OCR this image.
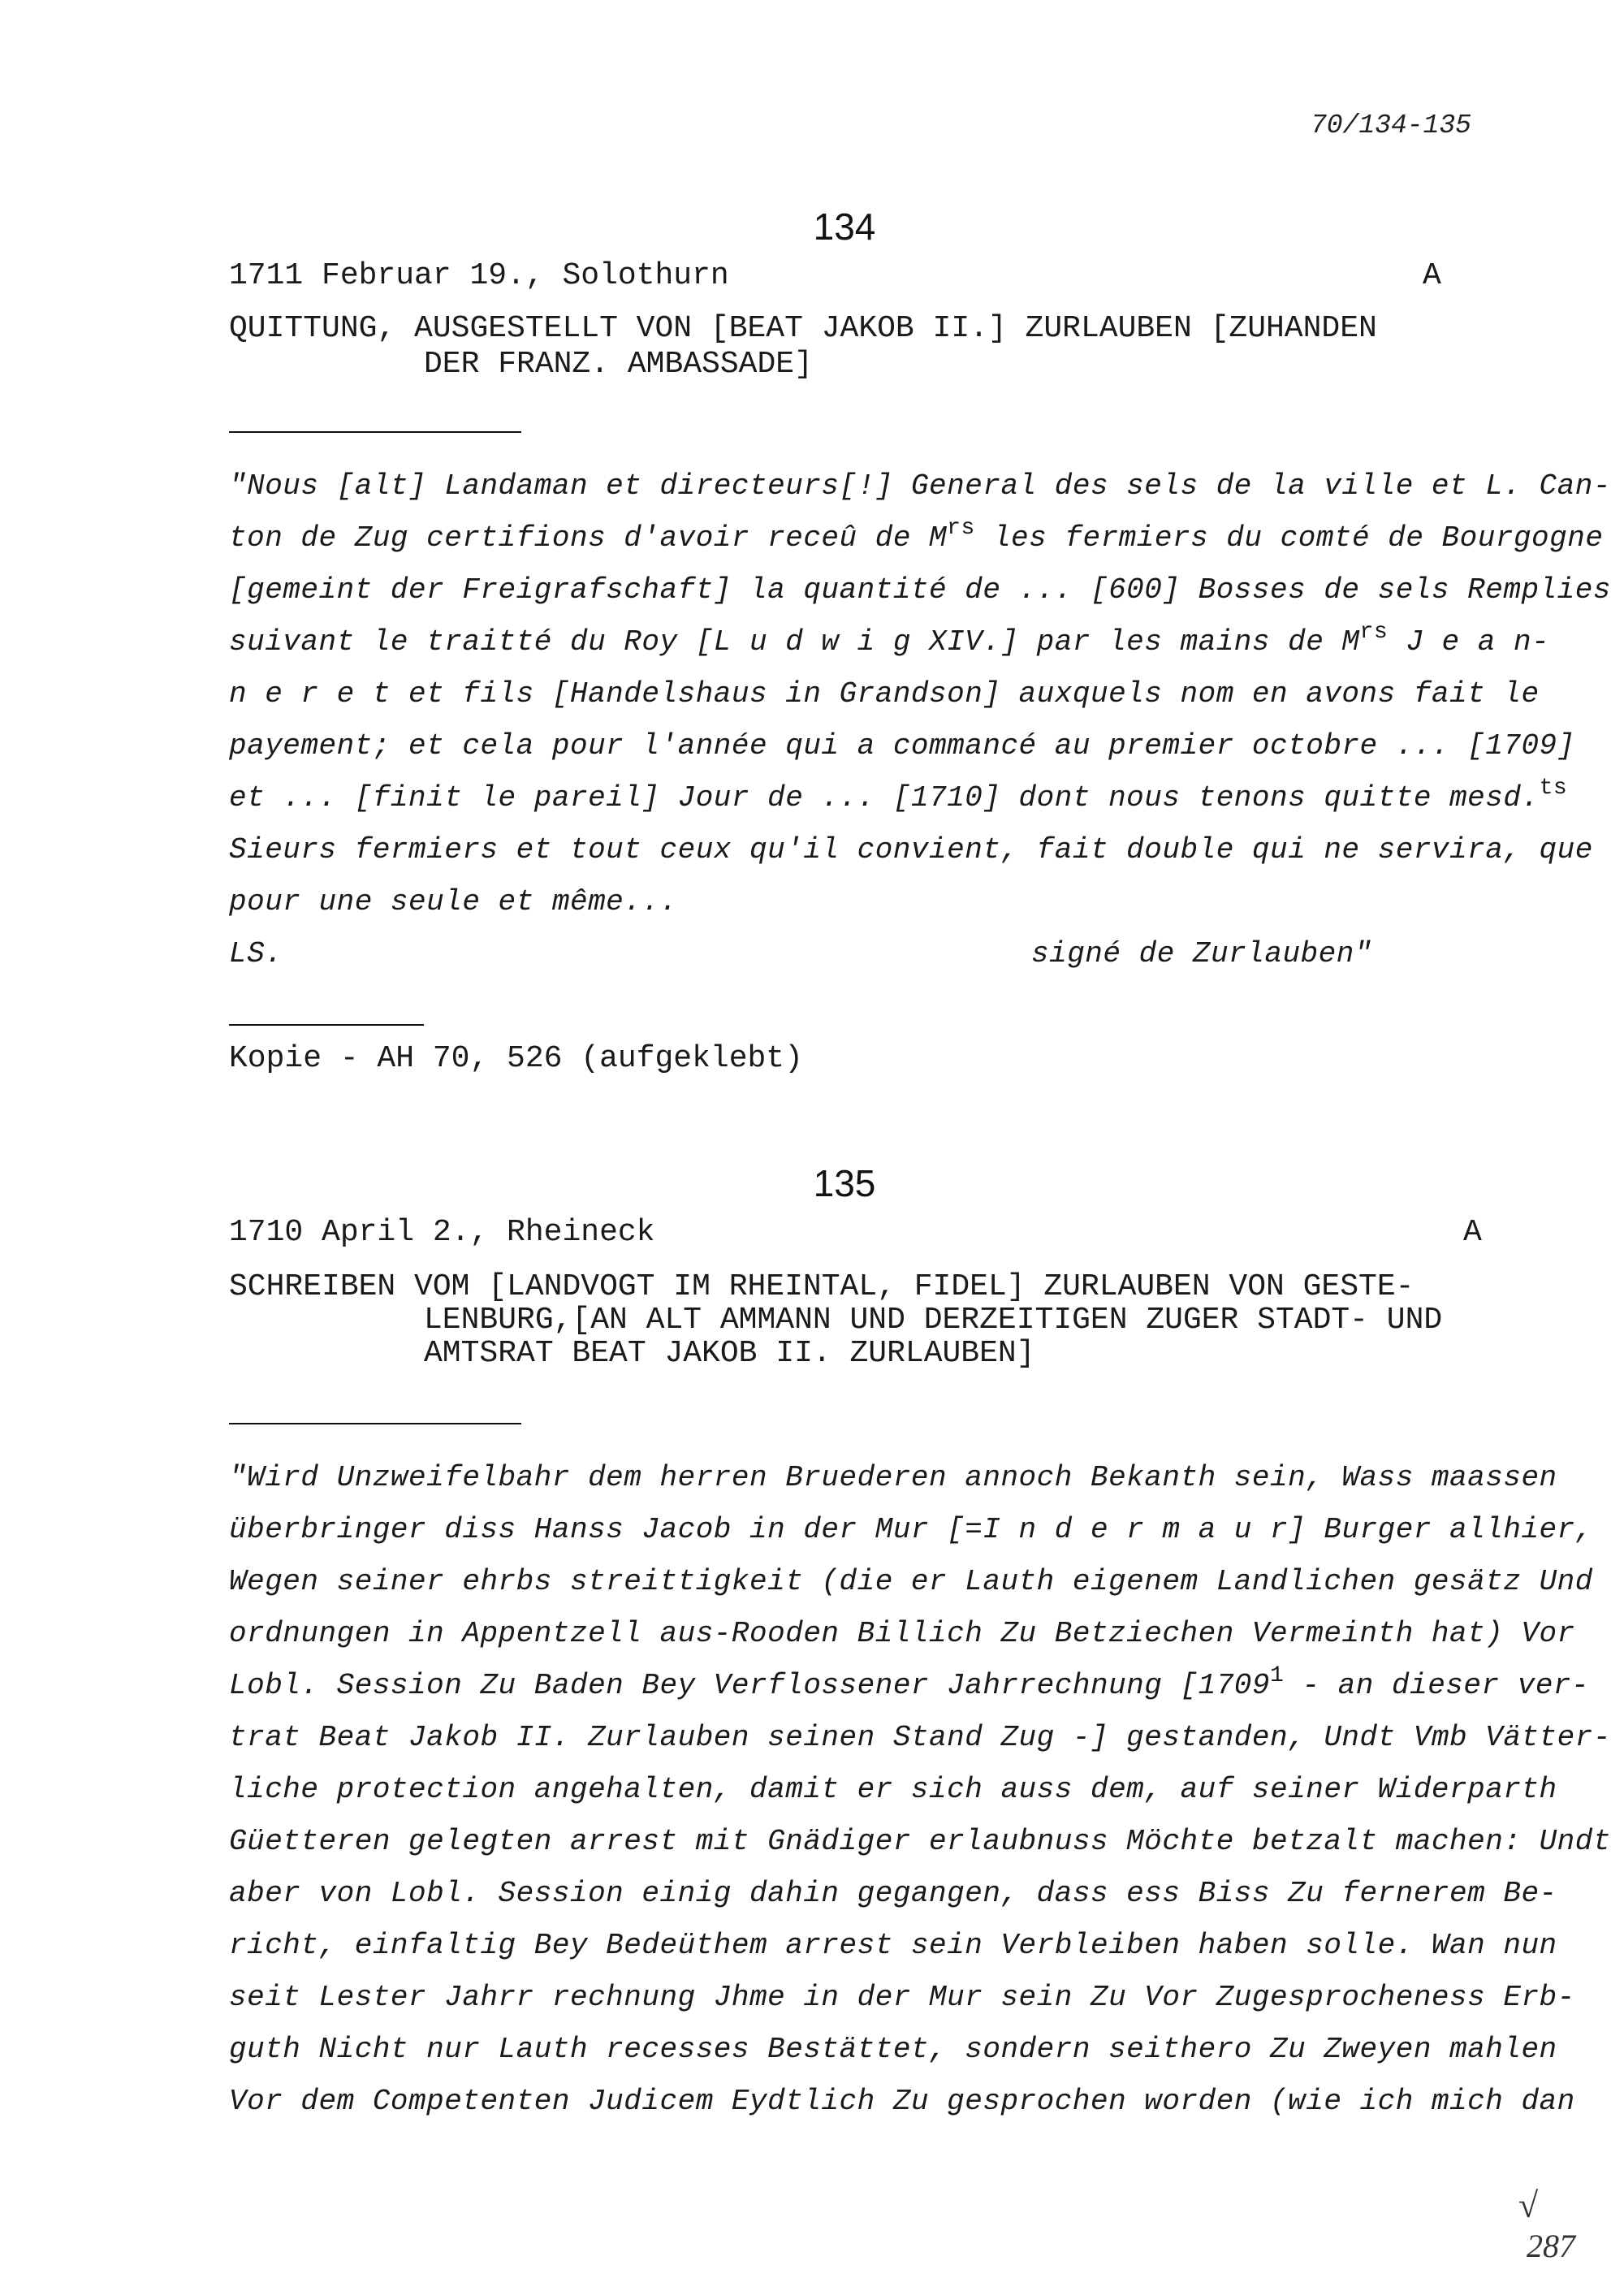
70/134-135
134
1711 Februar 19., Solothurn	A
QUITTUNG, AUSGESTELLT VON [BEAT JAKOB II.] ZURLAUBEN [ZUHANDEN
DER FRANZ. AMBASSADE]
"Nous [alt] Landaman et directeurs[!] General des sels de la ville et L. Can-
ton de Zug certifions d'avoir receû de $M^{rs}$ les fermiers du comté de Bourgogne
[gemeint der Freigrafschaft] la quantité de ... [600] Bosses de sels Remplies
suivant le traitté du Roy [L u d w i g XIV.] par les mains de $M^{rs}$ J e a n-
n e r e t et fils [Handelshaus in Grandson] auxquels nom en avons fait le
payement; et cela pour l'année qui a commancé au premier octobre ... [1709]
et ... [finit le pareil] Jour de ... [1710] dont nous tenons quitte mesd.$^{ts}$
Sieurs fermiers et tout ceux qu'il convient, fait double qui ne servira, que
pour une seule et même...
LS.	signé de Zurlauben"
Kopie - AH 70, 526 (aufgeklebt)
135
1710 April 2., Rheineck	A
SCHREIBEN VOM [LANDVOGT IM RHEINTAL, FIDEL] ZURLAUBEN VON GESTE-
LENBURG,[AN ALT AMMANN UND DERZEITIGEN ZUGER STADT- UND
AMTSRAT BEAT JAKOB II. ZURLAUBEN]
"Wird Unzweifelbahr dem herren Bruederen annoch Bekanth sein, Wass maassen
überbringer diss Hanss Jacob in der Mur [=I n d e r m a u r] Burger allhier,
Wegen seiner ehrbs streittigkeit (die er Lauth eigenem Landlichen gesätz Und
ordnungen in Appentzell aus-Rooden Billich Zu Betziechen Vermeinth hat) Vor
Lobl. Session Zu Baden Bey Verflossener Jahrrechnung [1709$^1$ - an dieser ver-
trat Beat Jakob II. Zurlauben seinen Stand Zug -] gestanden, Undt Vmb Vätter-
liche protection angehalten, damit er sich auss dem, auf seiner Widerparth
Güetteren gelegten arrest mit Gnädiger erlaubnuss Möchte betzalt machen: Undt
aber von Lobl. Session einig dahin gegangen, dass ess Biss Zu fernerem Be-
richt, einfaltig Bey Bedeüthem arrest sein Verbleiben haben solle. Wan nun
seit Lester Jahrr rechnung Jhme in der Mur sein Zu Vor Zugesprocheness Erb-
guth Nicht nur Lauth recesses Bestättet, sondern seithero Zu Zweyen mahlen
Vor dem Competenten Judicem Eydtlich Zu gesprochen worden (wie ich mich dan
√
287
